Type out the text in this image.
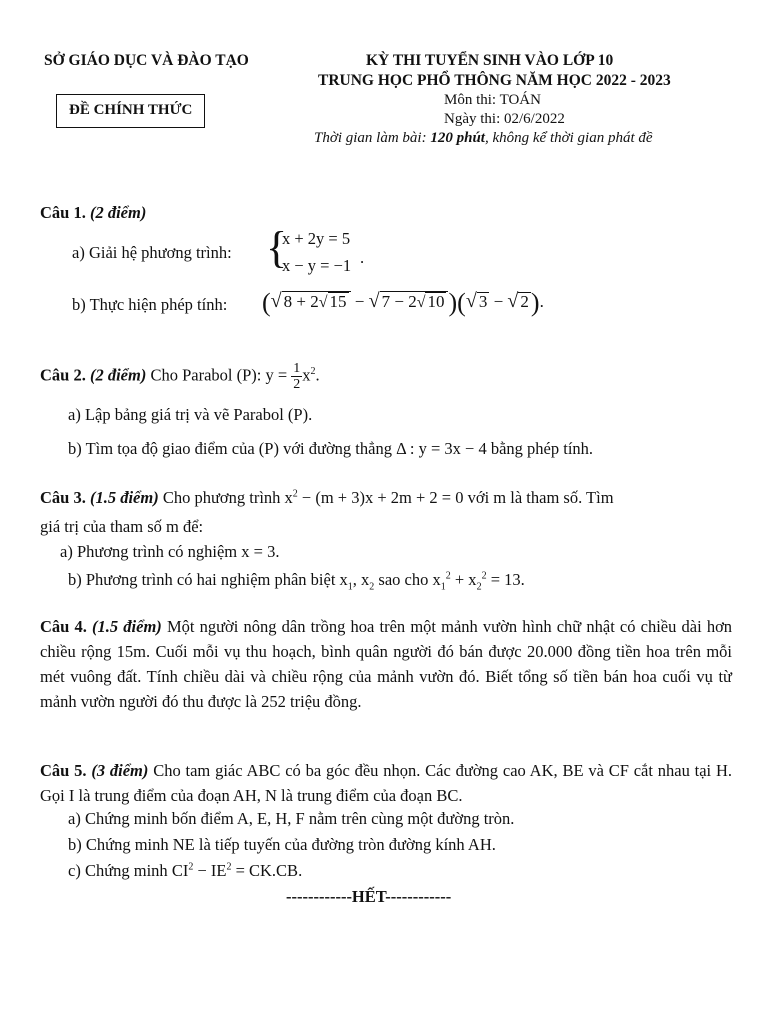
SỞ GIÁO DỤC VÀ ĐÀO TẠO
ĐỀ CHÍNH THỨC
KỲ THI TUYỂN SINH VÀO LỚP 10
TRUNG HỌC PHỔ THÔNG NĂM HỌC 2022 - 2023
Môn thi: TOÁN
Ngày thi: 02/6/2022
Thời gian làm bài: 120 phút, không kể thời gian phát đề
Câu 1. (2 điểm)
a) Giải hệ phương trình: {
x + 2y = 5
x − y = −1 .
b) Thực hiện phép tính: (√ 8 + 2√ 15 − √ 7 − 2√ 10 )(√ 3 − √ 2).
Câu 2. (2 điểm) Cho Parabol (P): $y = \frac{1}{2} x^2$.
a) Lập bảng giá trị và vẽ Parabol (P).
b) Tìm tọa độ giao điểm của (P) với đường thẳng Δ : y = 3x − 4 bằng phép tính.
Câu 3. (1.5 điểm) Cho phương trình $x^2 - (m + 3)x + 2m + 2 = 0$ với m là tham số. Tìm
giá trị của tham số m để:
a) Phương trình có nghiệm x = 3.
b) Phương trình có hai nghiệm phân biệt $x_1$, $x_2$ sao cho $x_1^2 + x_2^2 = 13$.
Câu 4. (1.5 điểm) Một người nông dân trồng hoa trên một mảnh vườn hình chữ nhật có chiều dài hơn chiều rộng 15m. Cuối mỗi vụ thu hoạch, bình quân người đó bán được 20.000 đồng tiền hoa trên mỗi mét vuông đất. Tính chiều dài và chiều rộng của mảnh vườn đó. Biết tổng số tiền bán hoa cuối vụ từ mảnh vườn người đó thu được là 252 triệu đồng.
Câu 5. (3 điểm) Cho tam giác ABC có ba góc đều nhọn. Các đường cao AK, BE và CF cắt nhau tại H. Gọi I là trung điểm của đoạn AH, N là trung điểm của đoạn BC.
a) Chứng minh bốn điểm A, E, H, F nằm trên cùng một đường tròn.
b) Chứng minh NE là tiếp tuyến của đường tròn đường kính AH.
c) Chứng minh $CI^2 - IE^2 = CK.CB$.
------------HẾT------------
